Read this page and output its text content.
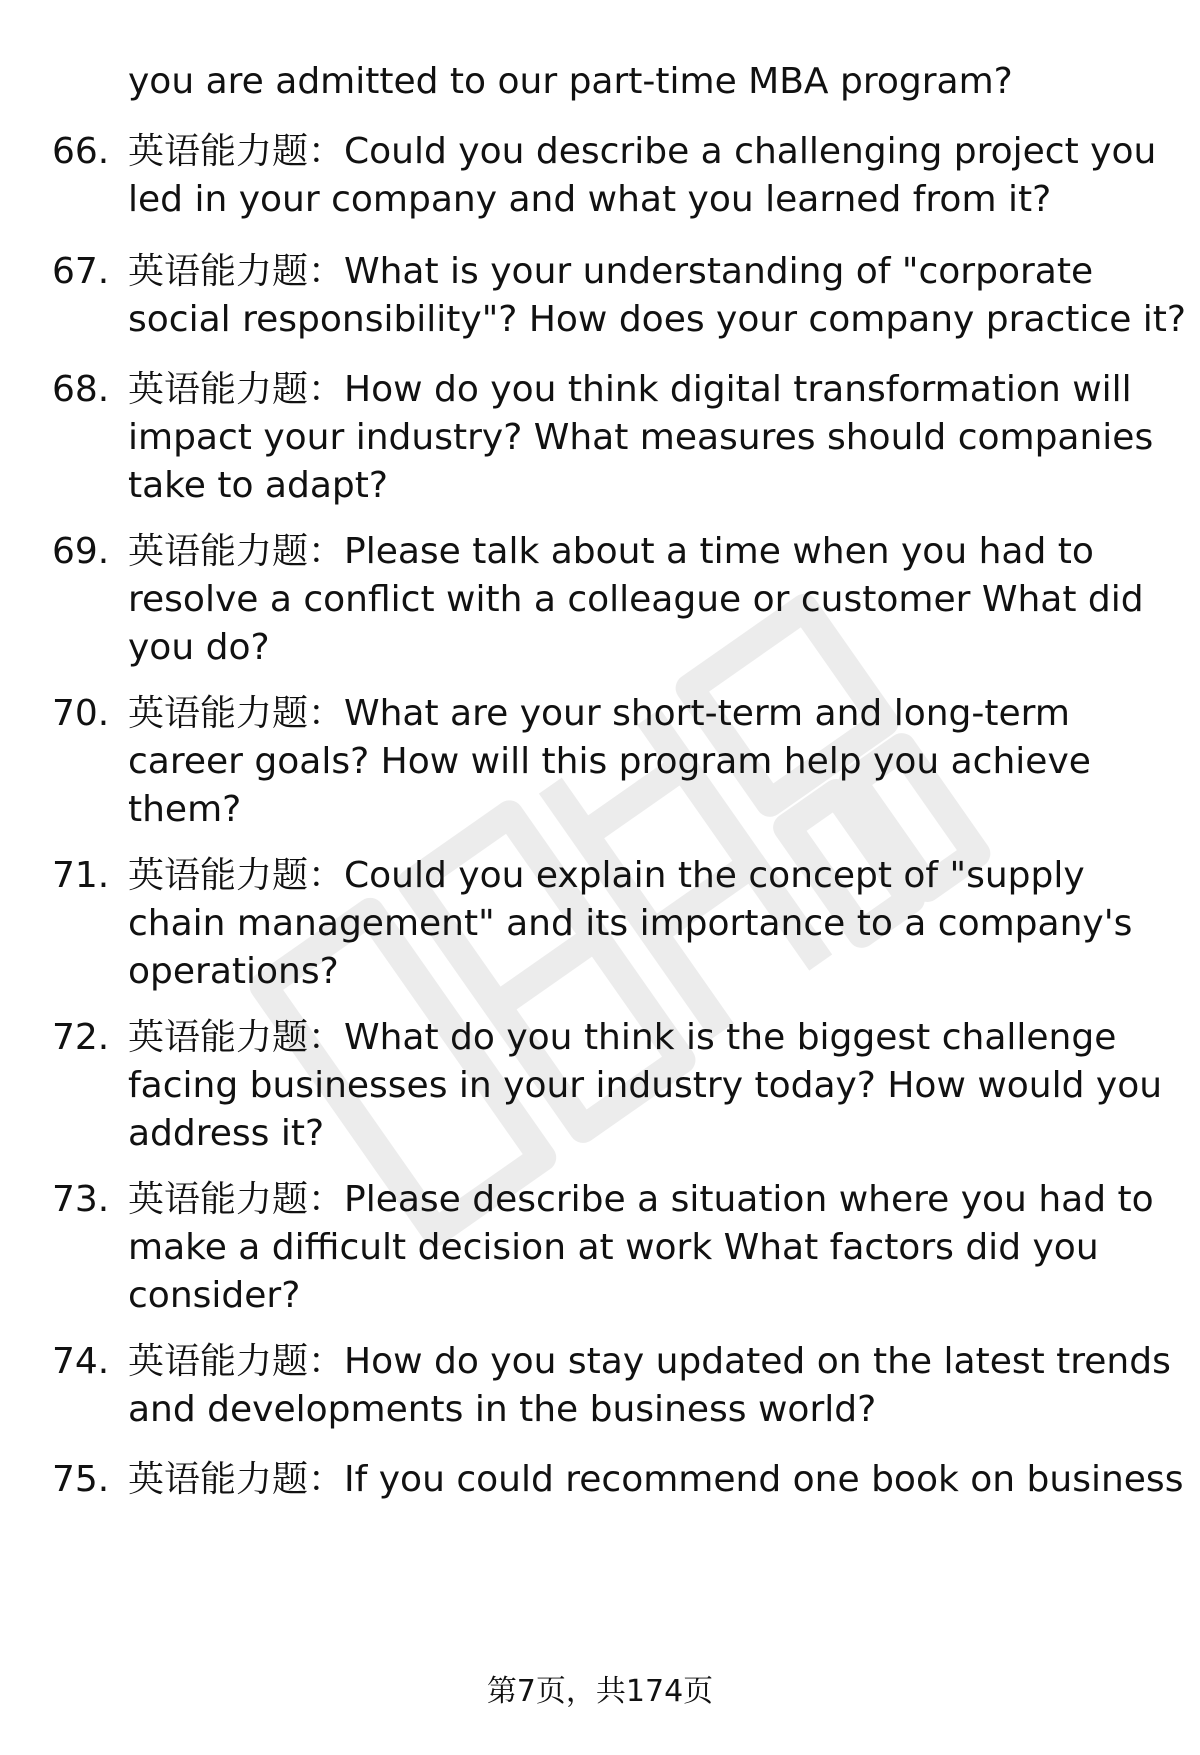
you are admitted to our part-time MBA program?
66. 英语能力题：Could you describe a challenging project you
led in your company and what you learned from it?
67. 英语能力题：What is your understanding of "corporate
social responsibility"? How does your company practice it?
68. 英语能力题：How do you think digital transformation will
impact your industry? What measures should companies
take to adapt?
69. 英语能力题：Please talk about a time when you had to
resolve a conflict with a colleague or customer What did
you do?
70. 英语能力题：What are your short-term and long-term
career goals? How will this program help you achieve
them?
71. 英语能力题：Could you explain the concept of "supply
chain management" and its importance to a company's
operations?
72. 英语能力题：What do you think is the biggest challenge
facing businesses in your industry today? How would you
address it?
73. 英语能力题：Please describe a situation where you had to
make a difficult decision at work What factors did you
consider?
74. 英语能力题：How do you stay updated on the latest trends
and developments in the business world?
75. 英语能力题：If you could recommend one book on business
第7页，共174页
